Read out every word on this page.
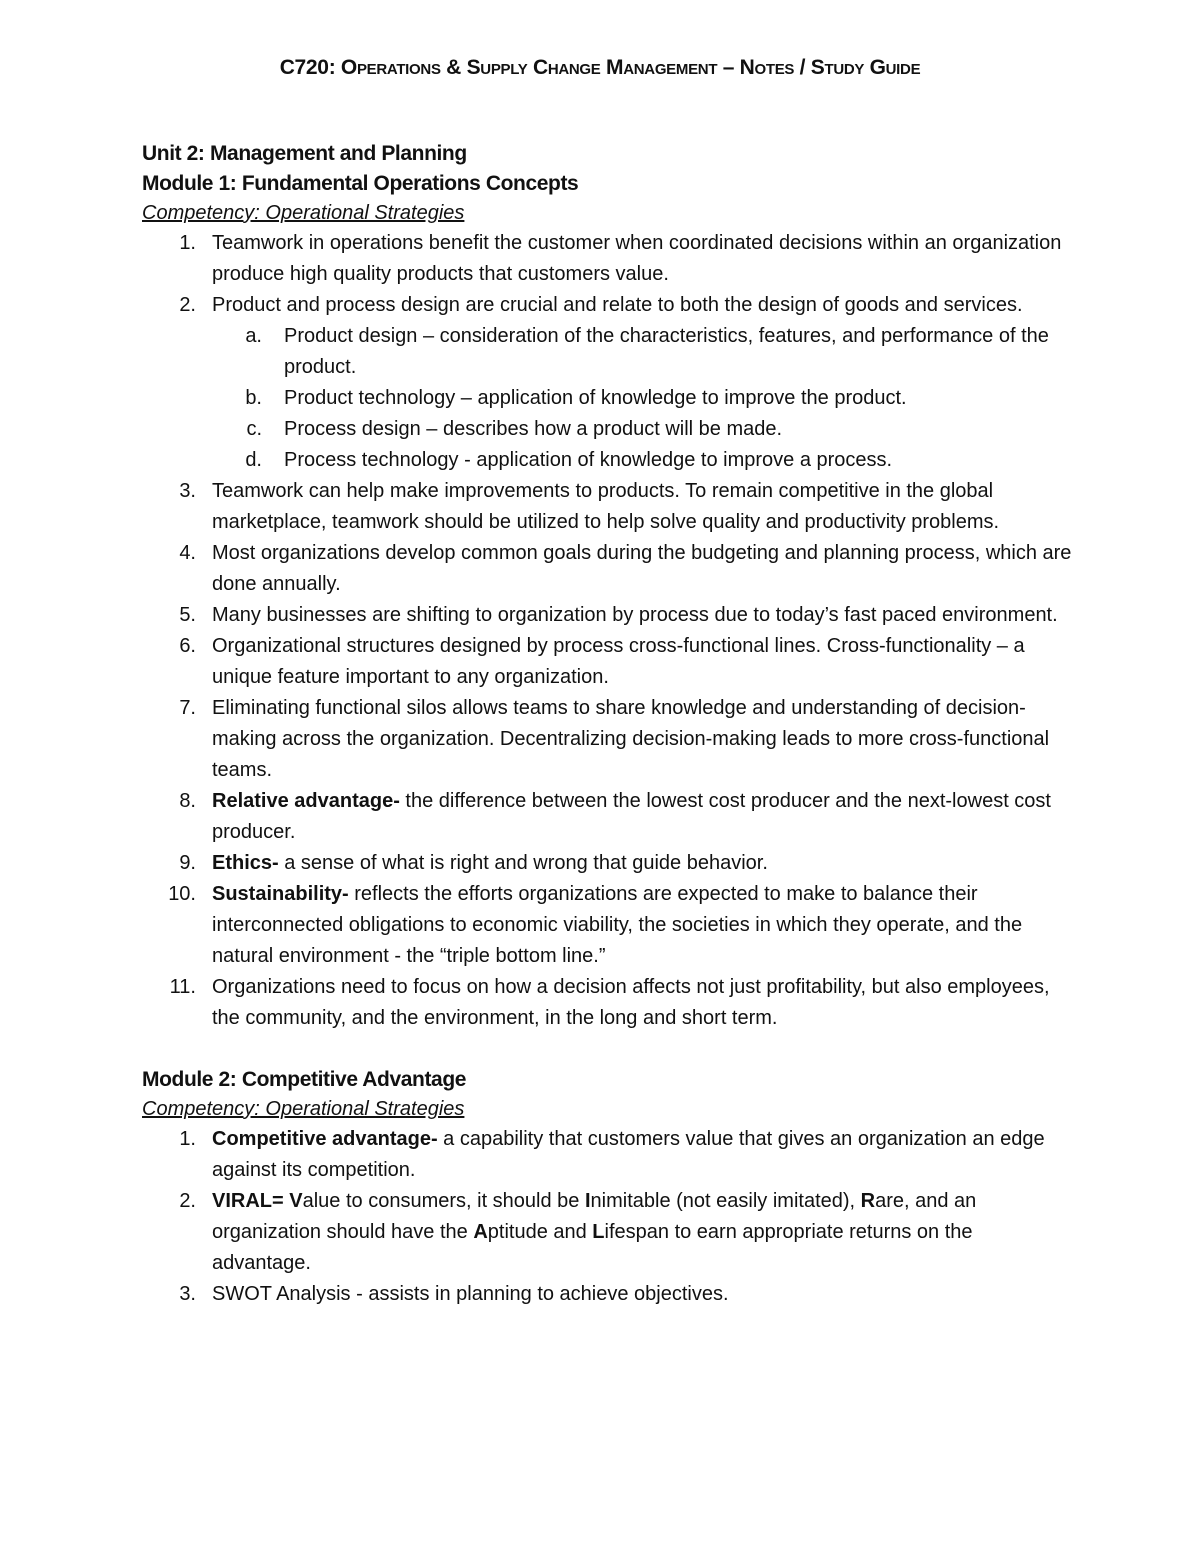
C720: Operations & Supply Change Management – Notes / Study Guide

Unit 2: Management and Planning

Module 1: Fundamental Operations Concepts

Competency: Operational Strategies

1. Teamwork in operations benefit the customer when coordinated decisions within an organization produce high quality products that customers value.
2. Product and process design are crucial and relate to both the design of goods and services.
a. Product design – consideration of the characteristics, features, and performance of the product.
b. Product technology – application of knowledge to improve the product.
c. Process design – describes how a product will be made.
d. Process technology - application of knowledge to improve a process.
3. Teamwork can help make improvements to products. To remain competitive in the global marketplace, teamwork should be utilized to help solve quality and productivity problems.
4. Most organizations develop common goals during the budgeting and planning process, which are done annually.
5. Many businesses are shifting to organization by process due to today’s fast paced environment.
6. Organizational structures designed by process cross-functional lines. Cross-functionality – a unique feature important to any organization.
7. Eliminating functional silos allows teams to share knowledge and understanding of decision-making across the organization. Decentralizing decision-making leads to more cross-functional teams.
8. Relative advantage- the difference between the lowest cost producer and the next-lowest cost producer.
9. Ethics- a sense of what is right and wrong that guide behavior.
10. Sustainability- reflects the efforts organizations are expected to make to balance their interconnected obligations to economic viability, the societies in which they operate, and the natural environment - the “triple bottom line.”
11. Organizations need to focus on how a decision affects not just profitability, but also employees, the community, and the environment, in the long and short term.

Module 2: Competitive Advantage

Competency: Operational Strategies

1. Competitive advantage- a capability that customers value that gives an organization an edge against its competition.
2. VIRAL= Value to consumers, it should be Inimitable (not easily imitated), Rare, and an organization should have the Aptitude and Lifespan to earn appropriate returns on the advantage.
3. SWOT Analysis - assists in planning to achieve objectives.
